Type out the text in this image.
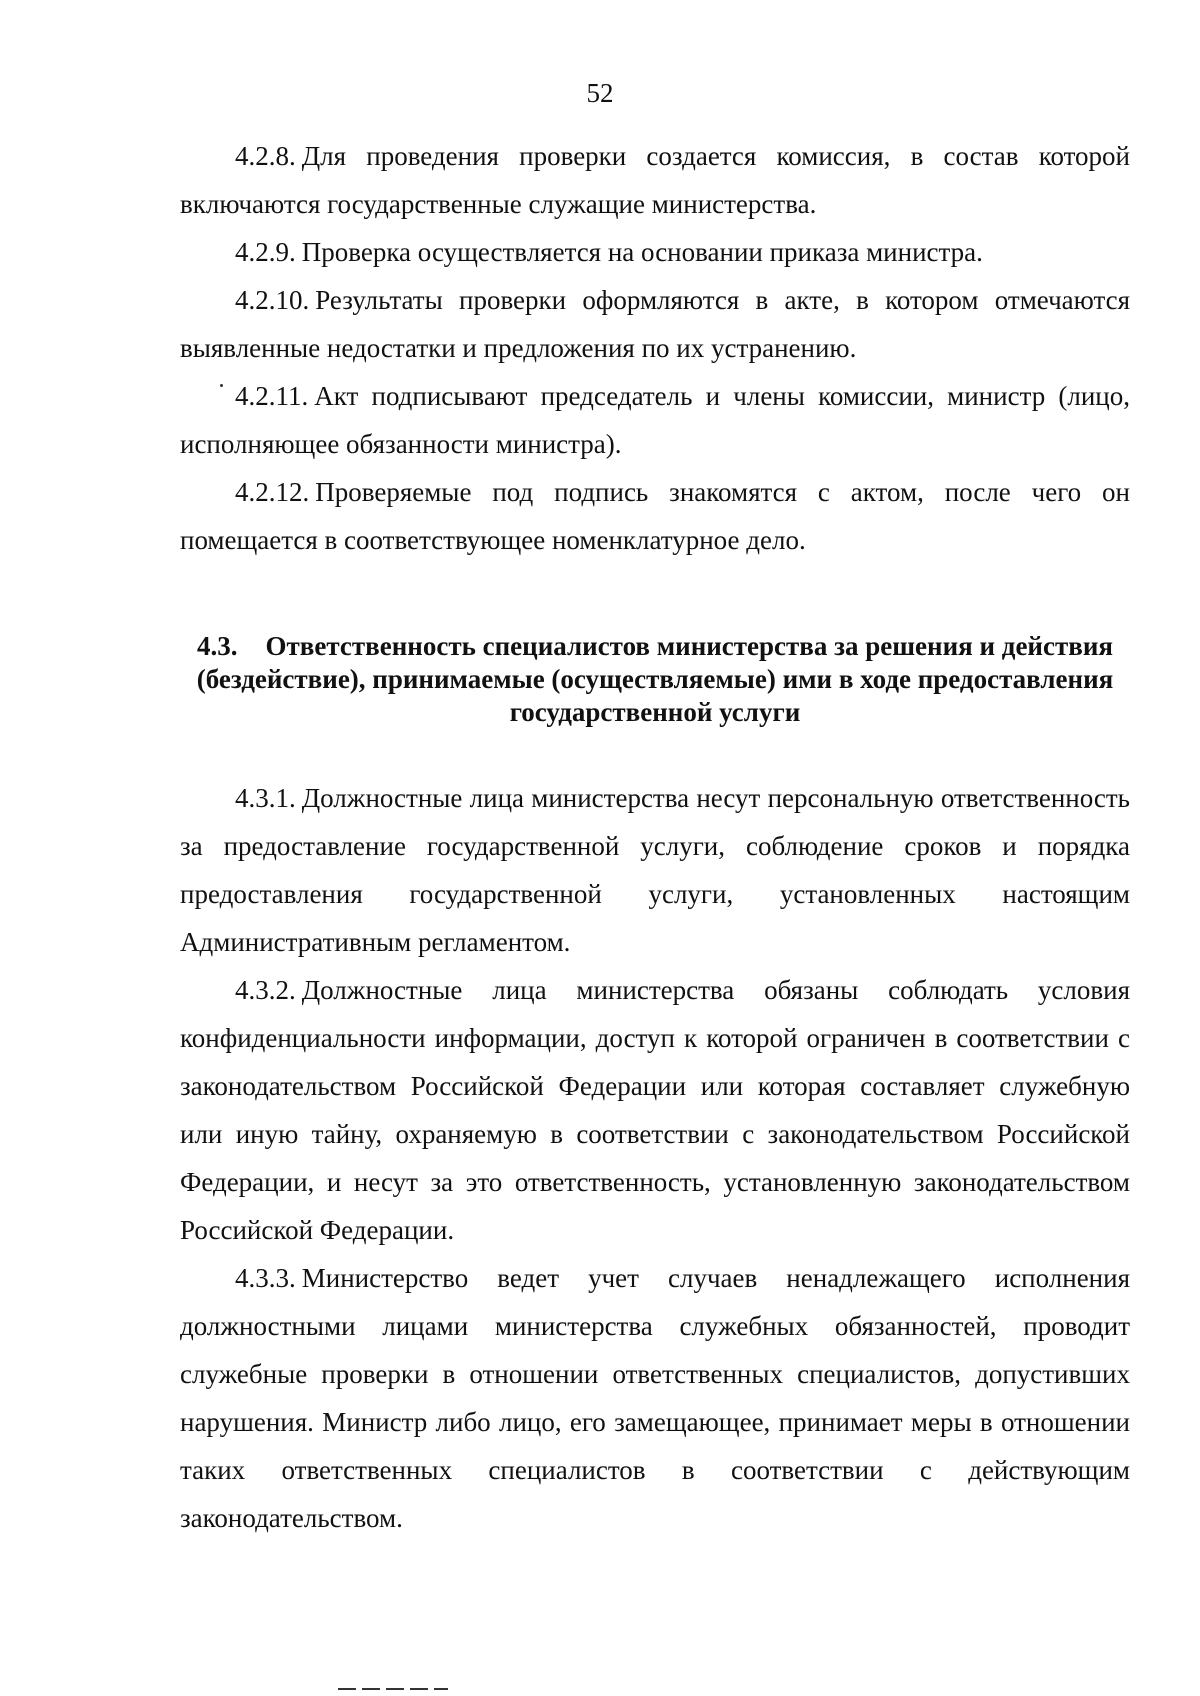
52

4.2.8. Для проведения проверки создается комиссия, в состав которой включаются государственные служащие министерства.

4.2.9. Проверка осуществляется на основании приказа министра.

4.2.10. Результаты проверки оформляются в акте, в котором отмечаются выявленные недостатки и предложения по их устранению.

4.2.11. Акт подписывают председатель и члены комиссии, министр (лицо, исполняющее обязанности министра).

4.2.12. Проверяемые под подпись знакомятся с актом, после чего он помещается в соответствующее номенклатурное дело.

4.3. Ответственность специалистов министерства за решения и действия (бездействие), принимаемые (осуществляемые) ими в ходе предоставления государственной услуги

4.3.1. Должностные лица министерства несут персональную ответственность за предоставление государственной услуги, соблюдение сроков и порядка предоставления государственной услуги, установленных настоящим Административным регламентом.

4.3.2. Должностные лица министерства обязаны соблюдать условия конфиденциальности информации, доступ к которой ограничен в соответствии с законодательством Российской Федерации или которая составляет служебную или иную тайну, охраняемую в соответствии с законодательством Российской Федерации, и несут за это ответственность, установленную законодательством Российской Федерации.

4.3.3. Министерство ведет учет случаев ненадлежащего исполнения должностными лицами министерства служебных обязанностей, проводит служебные проверки в отношении ответственных специалистов, допустивших нарушения. Министр либо лицо, его замещающее, принимает меры в отношении таких ответственных специалистов в соответствии с действующим законодательством.
